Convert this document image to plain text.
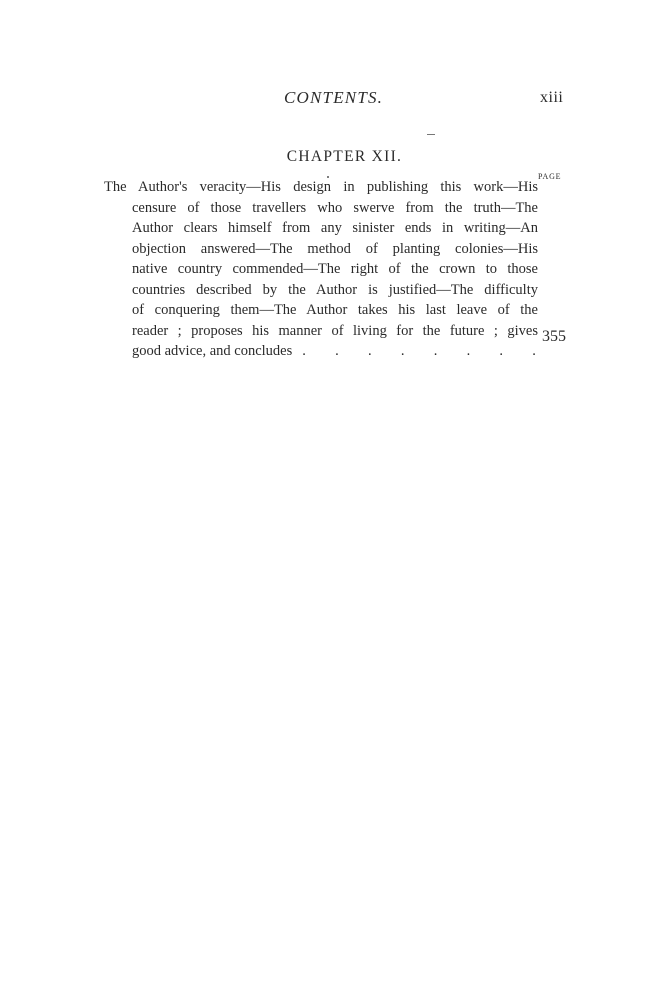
CONTENTS.	xiii
CHAPTER XII.
PAGE
The Author's veracity—His design in publishing this work—His
censure of those travellers who swerve from the truth—The
Author clears himself from any sinister ends in writing—An
objection answered—The method of planting colonies—His
native country commended—The right of the crown to those
countries described by the Author is justified—The difficulty
of conquering them—The Author takes his last leave of the
reader ; proposes his manner of living for the future ; gives
good advice, and concludes . . . . . . . .
355
